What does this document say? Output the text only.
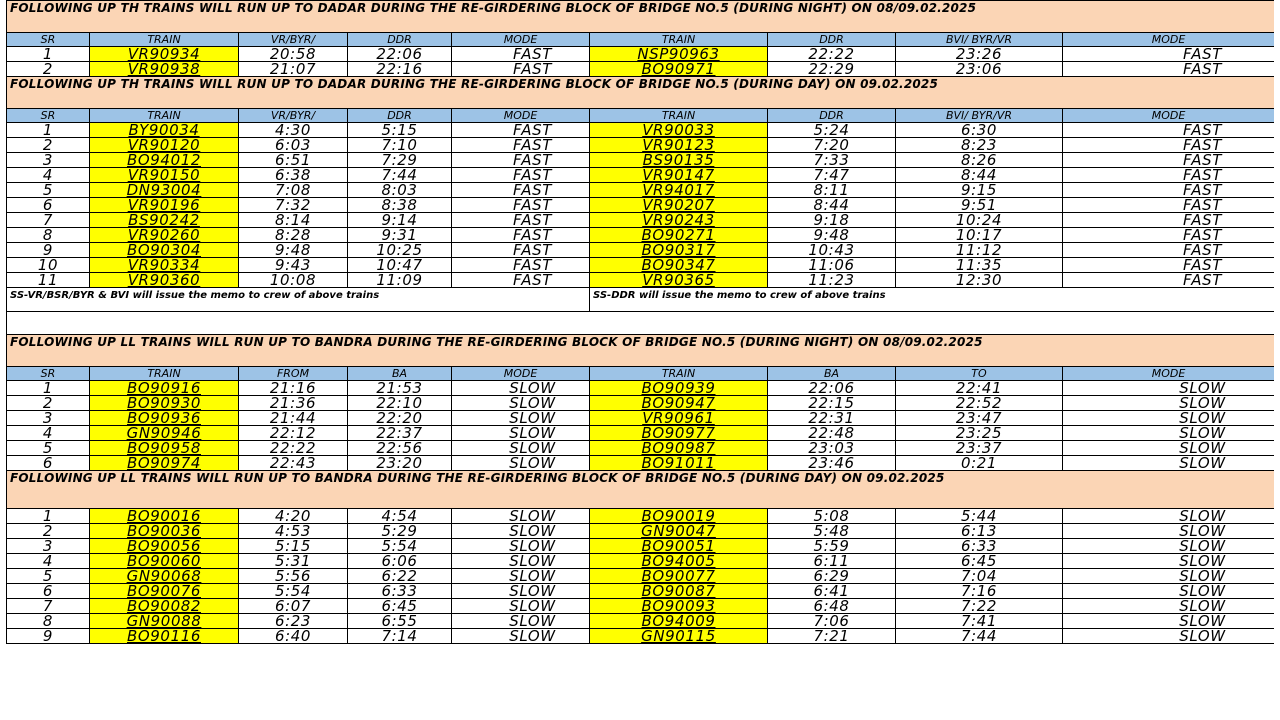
FOLLOWING UP TH TRAINS WILL RUN UP TO DADAR DURING THE RE-GIRDERING BLOCK OF BRIDGE NO.5 (DURING NIGHT) ON 08/09.02.2025								
SR	TRAIN	VR/BYR/	DDR	MODE	TRAIN	DDR	BVI/ BYR/VR	MODE
1	VR90934	20:58	22:06	FAST	NSP90963	22:22	23:26	FAST
2	VR90938	21:07	22:16	FAST	BO90971	22:29	23:06	FAST
FOLLOWING UP TH TRAINS WILL RUN UP TO DADAR DURING THE RE-GIRDERING BLOCK OF BRIDGE NO.5 (DURING DAY) ON 09.02.2025								
SR	TRAIN	VR/BYR/	DDR	MODE	TRAIN	DDR	BVI/ BYR/VR	MODE
1	BY90034	4:30	5:15	FAST	VR90033	5:24	6:30	FAST
2	VR90120	6:03	7:10	FAST	VR90123	7:20	8:23	FAST
3	BO94012	6:51	7:29	FAST	BS90135	7:33	8:26	FAST
4	VR90150	6:38	7:44	FAST	VR90147	7:47	8:44	FAST
5	DN93004	7:08	8:03	FAST	VR94017	8:11	9:15	FAST
6	VR90196	7:32	8:38	FAST	VR90207	8:44	9:51	FAST
7	BS90242	8:14	9:14	FAST	VR90243	9:18	10:24	FAST
8	VR90260	8:28	9:31	FAST	BO90271	9:48	10:17	FAST
9	BO90304	9:48	10:25	FAST	BO90317	10:43	11:12	FAST
10	VR90334	9:43	10:47	FAST	BO90347	11:06	11:35	FAST
11	VR90360	10:08	11:09	FAST	VR90365	11:23	12:30	FAST
SS-VR/BSR/BYR & BVI will issue the memo to crew of above trains					SS-DDR will issue the memo to crew of above trains			

FOLLOWING UP LL TRAINS WILL RUN UP TO BANDRA DURING THE RE-GIRDERING BLOCK OF BRIDGE NO.5 (DURING NIGHT) ON 08/09.02.2025								
SR	TRAIN	FROM	BA	MODE	TRAIN	BA	TO	MODE
1	BO90916	21:16	21:53	SLOW	BO90939	22:06	22:41	SLOW
2	BO90930	21:36	22:10	SLOW	BO90947	22:15	22:52	SLOW
3	BO90936	21:44	22:20	SLOW	VR90961	22:31	23:47	SLOW
4	GN90946	22:12	22:37	SLOW	BO90977	22:48	23:25	SLOW
5	BO90958	22:22	22:56	SLOW	BO90987	23:03	23:37	SLOW
6	BO90974	22:43	23:20	SLOW	BO91011	23:46	0:21	SLOW
FOLLOWING UP LL TRAINS WILL RUN UP TO BANDRA DURING THE RE-GIRDERING BLOCK OF BRIDGE NO.5 (DURING DAY) ON 09.02.2025								
1	BO90016	4:20	4:54	SLOW	BO90019	5:08	5:44	SLOW
2	BO90036	4:53	5:29	SLOW	GN90047	5:48	6:13	SLOW
3	BO90056	5:15	5:54	SLOW	BO90051	5:59	6:33	SLOW
4	BO90060	5:31	6:06	SLOW	BO94005	6:11	6:45	SLOW
5	GN90068	5:56	6:22	SLOW	BO90077	6:29	7:04	SLOW
6	BO90076	5:54	6:33	SLOW	BO90087	6:41	7:16	SLOW
7	BO90082	6:07	6:45	SLOW	BO90093	6:48	7:22	SLOW
8	GN90088	6:23	6:55	SLOW	BO94009	7:06	7:41	SLOW
9	BO90116	6:40	7:14	SLOW	GN90115	7:21	7:44	SLOW
